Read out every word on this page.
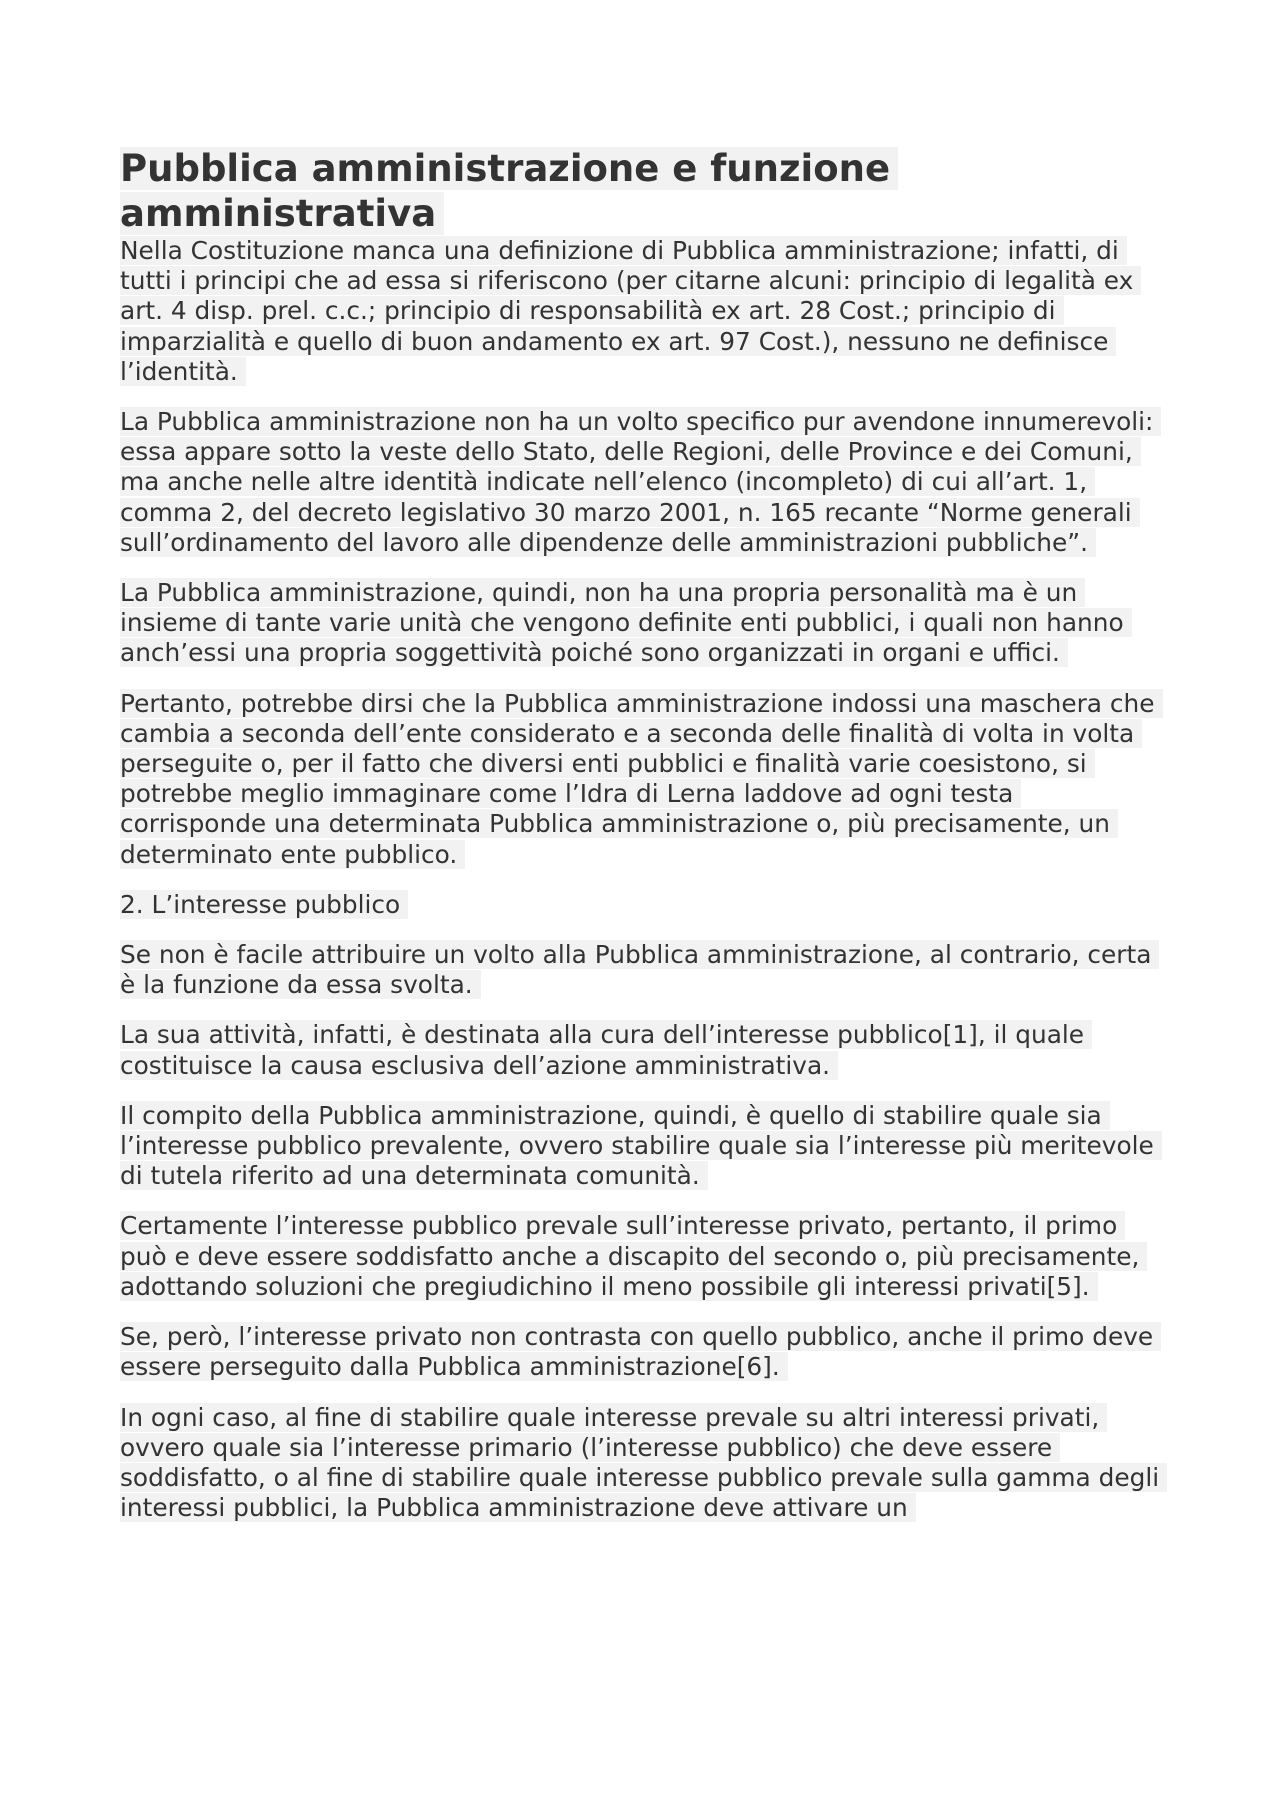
Pubblica amministrazione e funzione amministrativa

Nella Costituzione manca una definizione di Pubblica amministrazione; infatti, di tutti i principi che ad essa si riferiscono (per citarne alcuni: principio di legalità ex art. 4 disp. prel. c.c.; principio di responsabilità ex art. 28 Cost.; principio di imparzialità e quello di buon andamento ex art. 97 Cost.), nessuno ne definisce l’identità.

La Pubblica amministrazione non ha un volto specifico pur avendone innumerevoli: essa appare sotto la veste dello Stato, delle Regioni, delle Province e dei Comuni, ma anche nelle altre identità indicate nell’elenco (incompleto) di cui all’art. 1, comma 2, del decreto legislativo 30 marzo 2001, n. 165 recante “Norme generali sull’ordinamento del lavoro alle dipendenze delle amministrazioni pubbliche”.

La Pubblica amministrazione, quindi, non ha una propria personalità ma è un insieme di tante varie unità che vengono definite enti pubblici, i quali non hanno anch’essi una propria soggettività poiché sono organizzati in organi e uffici.

Pertanto, potrebbe dirsi che la Pubblica amministrazione indossi una maschera che cambia a seconda dell’ente considerato e a seconda delle finalità di volta in volta perseguite o, per il fatto che diversi enti pubblici e finalità varie coesistono, si potrebbe meglio immaginare come l’Idra di Lerna laddove ad ogni testa corrisponde una determinata Pubblica amministrazione o, più precisamente, un determinato ente pubblico.

2. L’interesse pubblico

Se non è facile attribuire un volto alla Pubblica amministrazione, al contrario, certa è la funzione da essa svolta.

La sua attività, infatti, è destinata alla cura dell’interesse pubblico[1], il quale costituisce la causa esclusiva dell’azione amministrativa.

Il compito della Pubblica amministrazione, quindi, è quello di stabilire quale sia l’interesse pubblico prevalente, ovvero stabilire quale sia l’interesse più meritevole di tutela riferito ad una determinata comunità.

Certamente l’interesse pubblico prevale sull’interesse privato, pertanto, il primo può e deve essere soddisfatto anche a discapito del secondo o, più precisamente, adottando soluzioni che pregiudichino il meno possibile gli interessi privati[5].

Se, però, l’interesse privato non contrasta con quello pubblico, anche il primo deve essere perseguito dalla Pubblica amministrazione[6].

In ogni caso, al fine di stabilire quale interesse prevale su altri interessi privati, ovvero quale sia l’interesse primario (l’interesse pubblico) che deve essere soddisfatto, o al fine di stabilire quale interesse pubblico prevale sulla gamma degli interessi pubblici, la Pubblica amministrazione deve attivare un
